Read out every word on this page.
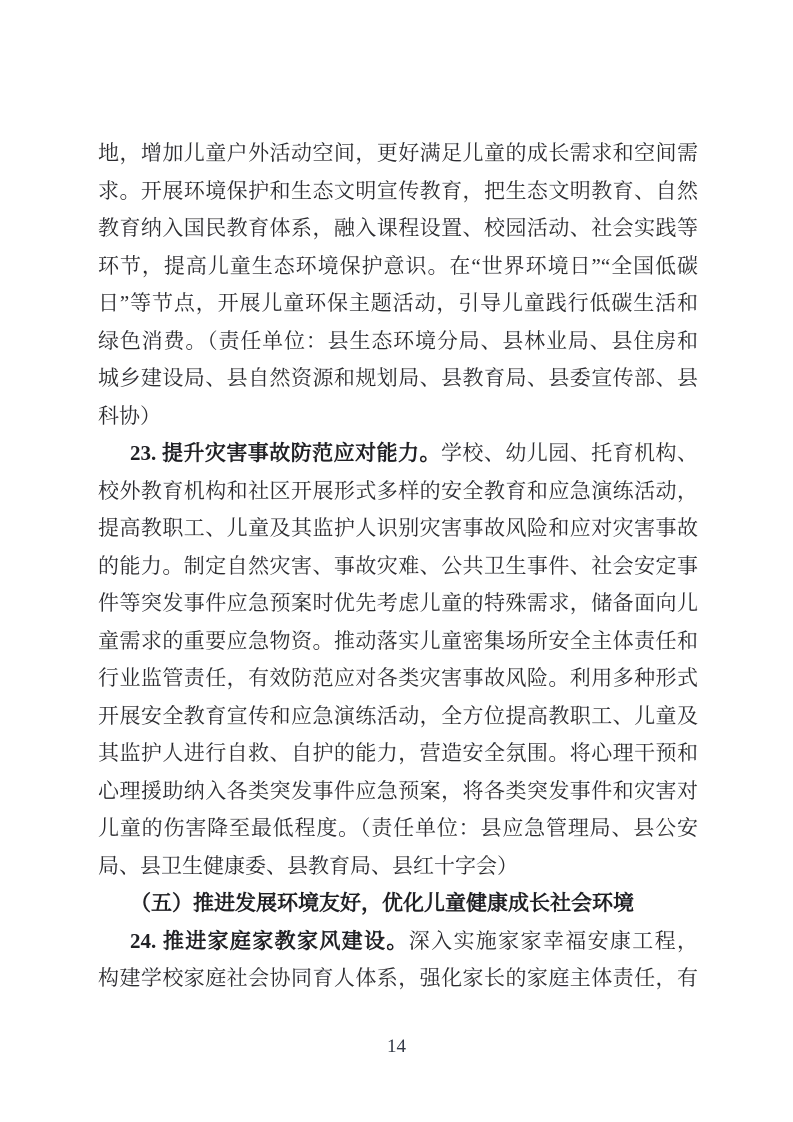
地，增加儿童户外活动空间，更好满足儿童的成长需求和空间需
求。开展环境保护和生态文明宣传教育，把生态文明教育、自然
教育纳入国民教育体系，融入课程设置、校园活动、社会实践等
环节，提高儿童生态环境保护意识。在“世界环境日”“全国低碳
日”等节点，开展儿童环保主题活动，引导儿童践行低碳生活和
绿色消费。（责任单位：县生态环境分局、县林业局、县住房和
城乡建设局、县自然资源和规划局、县教育局、县委宣传部、县
科协）
23. 提升灾害事故防范应对能力。学校、幼儿园、托育机构、
校外教育机构和社区开展形式多样的安全教育和应急演练活动，
提高教职工、儿童及其监护人识别灾害事故风险和应对灾害事故
的能力。制定自然灾害、事故灾难、公共卫生事件、社会安定事
件等突发事件应急预案时优先考虑儿童的特殊需求，储备面向儿
童需求的重要应急物资。推动落实儿童密集场所安全主体责任和
行业监管责任，有效防范应对各类灾害事故风险。利用多种形式
开展安全教育宣传和应急演练活动，全方位提高教职工、儿童及
其监护人进行自救、自护的能力，营造安全氛围。将心理干预和
心理援助纳入各类突发事件应急预案，将各类突发事件和灾害对
儿童的伤害降至最低程度。（责任单位：县应急管理局、县公安
局、县卫生健康委、县教育局、县红十字会）
（五）推进发展环境友好，优化儿童健康成长社会环境
24. 推进家庭家教家风建设。深入实施家家幸福安康工程，
构建学校家庭社会协同育人体系，强化家长的家庭主体责任，有
14
